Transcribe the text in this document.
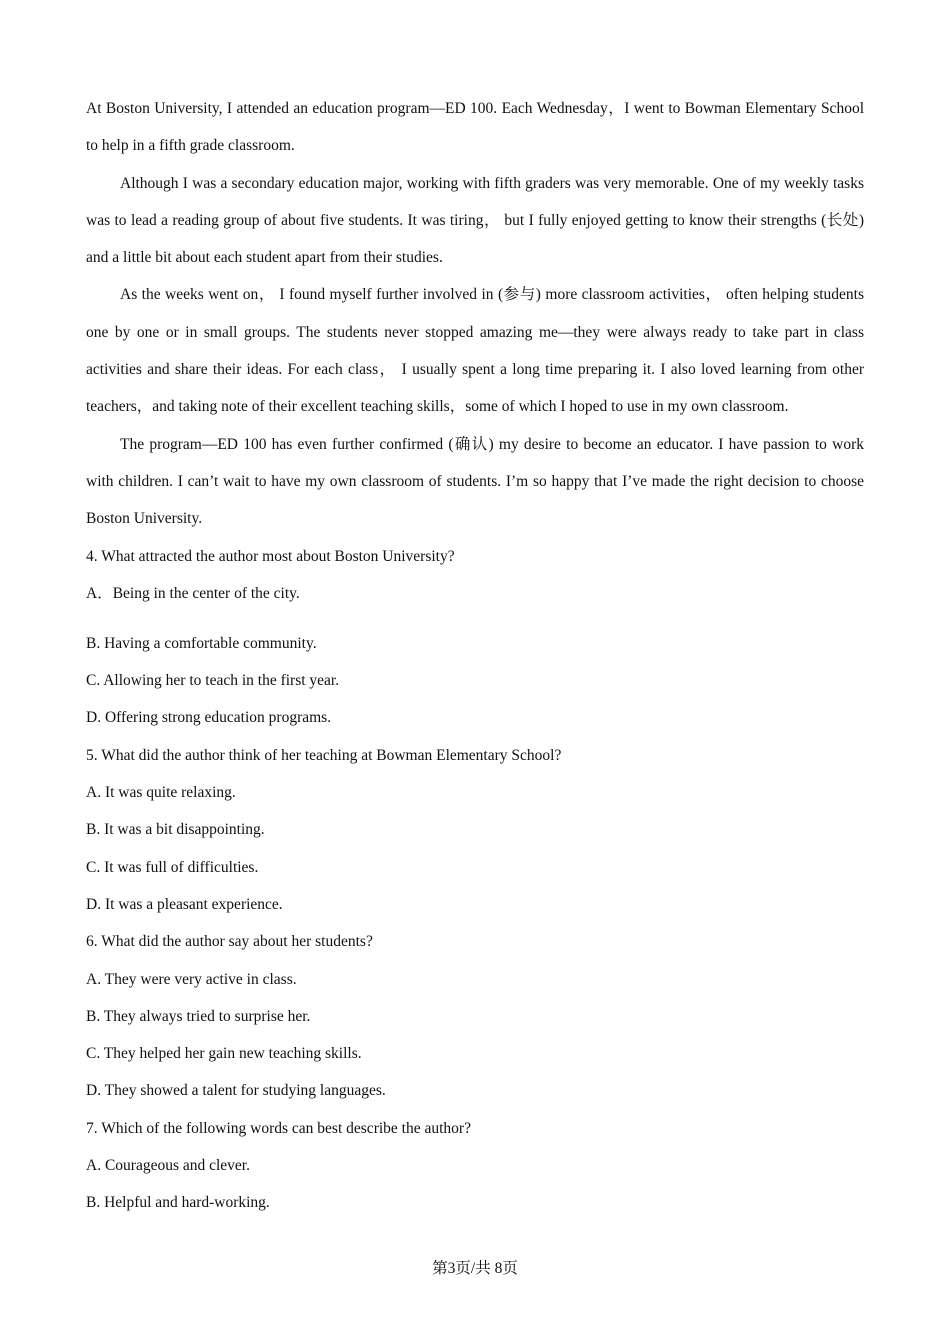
At Boston University, I attended an education program—ED 100. Each Wednesday，I went to Bowman Elementary School to help in a fifth grade classroom.

Although I was a secondary education major, working with fifth graders was very memorable. One of my weekly tasks was to lead a reading group of about five students. It was tiring， but I fully enjoyed getting to know their strengths (长处) and a little bit about each student apart from their studies.

As the weeks went on， I found myself further involved in (参与) more classroom activities， often helping students one by one or in small groups. The students never stopped amazing me—they were always ready to take part in class activities and share their ideas. For each class， I usually spent a long time preparing it. I also loved learning from other teachers，and taking note of their excellent teaching skills，some of which I hoped to use in my own classroom.

The program—ED 100 has even further confirmed (确认) my desire to become an educator. I have passion to work with children. I can’t wait to have my own classroom of students. I’m so happy that I’ve made the right decision to choose Boston University.

4. What attracted the author most about Boston University?
A．Being in the center of the city.
B. Having a comfortable community.
C. Allowing her to teach in the first year.
D. Offering strong education programs.
5. What did the author think of her teaching at Bowman Elementary School?
A. It was quite relaxing.
B. It was a bit disappointing.
C. It was full of difficulties.
D. It was a pleasant experience.
6. What did the author say about her students?
A. They were very active in class.
B. They always tried to surprise her.
C. They helped her gain new teaching skills.
D. They showed a talent for studying languages.
7. Which of the following words can best describe the author?
A. Courageous and clever.
B. Helpful and hard-working.
第3页/共 8页
